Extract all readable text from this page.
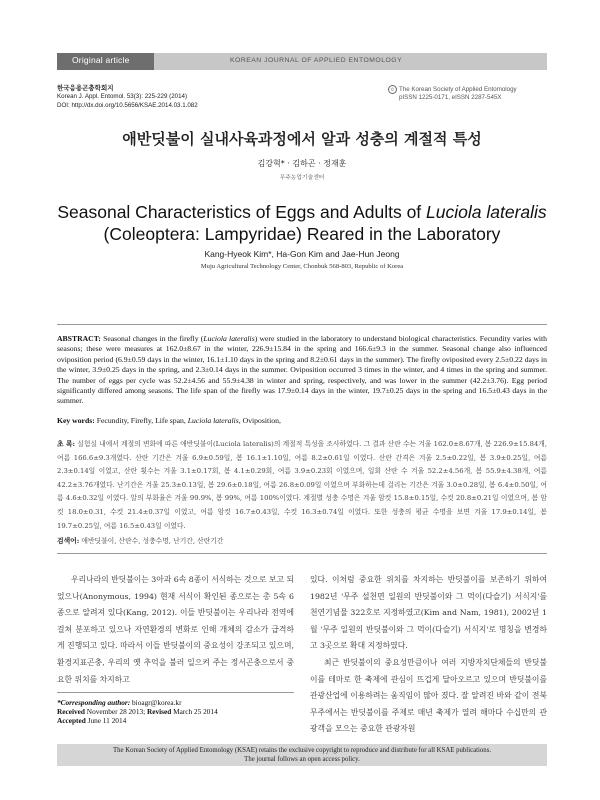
Original article	KOREAN JOURNAL OF APPLIED ENTOMOLOGY
한국응용곤충학회지
Korean J. Appl. Entomol. 53(3): 225-229 (2014)
DOI: http://dx.doi.org/10.5656/KSAE.2014.03.1.082
© The Korean Society of Applied Entomology
pISSN 1225-0171, eISSN 2287-545X
애반딧불이 실내사육과정에서 알과 성충의 계절적 특성
김강혁* · 김하곤 · 정재훈
무주농업기술센터
Seasonal Characteristics of Eggs and Adults of Luciola lateralis
(Coleoptera: Lampyridae) Reared in the Laboratory
Kang-Hyeok Kim*, Ha-Gon Kim and Jae-Hun Jeong
Muju Agricultural Technology Center, Chonbuk 568-803, Republic of Korea
ABSTRACT: Seasonal changes in the firefly (Luciola lateralis) were studied in the laboratory to understand biological characteristics. Fecundity varies with seasons; these were measures at 162.0±8.67 in the winter, 226.9±15.84 in the spring and 166.6±9.3 in the summer. Seasonal change also influenced oviposition period (6.9±0.59 days in the winter, 16.1±1.10 days in the spring and 8.2±0.61 days in the summer). The firefly oviposited every 2.5±0.22 days in the winter, 3.9±0.25 days in the spring, and 2.3±0.14 days in the summer. Oviposition occurred 3 times in the winter, and 4 times in the spring and summer. The number of eggs per cycle was 52.2±4.56 and 55.9±4.38 in winter and spring, respectively, and was lower in the summer (42.2±3.76). Egg period significantly differed among seasons. The life span of the firefly was 17.9±0.14 days in the winter, 19.7±0.25 days in the spring and 16.5±0.43 days in the summer.
Key words: Fecundity, Firefly, Life span, Luciola lateralis, Oviposition,
초 록: 실험실 내에서 계절의 변화에 따른 애반딧불이(Luciola lateralis)의 계절적 특성을 조사하였다. 그 결과 산란 수는 겨울 162.0±8.67개, 봄 226.9±15.84개, 여름 166.6±9.3개였다. 산란 기간은 겨울 6.9±0.59일, 봄 16.1±1.10일, 여름 8.2±0.61일 이였다. 산란 간격은 겨울 2.5±0.22일, 봄 3.9±0.25일, 여름 2.3±0.14일 이였고, 산란 횟수는 겨울 3.1±0.17회, 봄 4.1±0.29회, 여름 3.9±0.23회 이였으며, 일회 산란 수 겨울 52.2±4.56개, 봄 55.9±4.38개, 여름 42.2±3.76개였다. 난기간은 겨울 25.3±0.13일, 봄 29.6±0.18일, 여름 26.8±0.09일 이였으며 부화하는데 걸리는 기간은 겨울 3.0±0.28일, 봄 6.4±0.50일, 여름 4.6±0.32일 이였다. 알의 부화율은 겨울 99.9%, 봄 99%, 여름 100%이였다. 계절별 성충 수명은 겨울 암컷 15.8±0.15일, 수컷 20.8±0.21일 이였으며, 봄 암컷 18.0±0.31, 수컷 21.4±0.37일 이였고, 여름 암컷 16.7±0.43일, 수컷 16.3±0.74일 이였다. 또한 성충의 평균 수명을 보면 겨울 17.9±0.14일, 봄 19.7±0.25일, 여름 16.5±0.43일 이였다.
검색어: 애반딧불이, 산란수, 성충수명, 난기간, 산란기간

우리나라의 반딧불이는 3아과 6속 8종이 서식하는 것으로 보고 되었으나(Anonymous, 1994) 현재 서식이 확인된 종으로는 총 5속 6종으로 알려져 있다(Kang, 2012). 이들 반딧불이는 우리나라 전역에 걸쳐 분포하고 있으나 자연환경의 변화로 인해 개체의 감소가 급격하게 진행되고 있다. 따라서 이들 반딧불이의 중요성이 강조되고 있으며, 환경지표곤충, 우리의 옛 추억을 불러 일으켜 주는 정서곤충으로서 중요한 위치를 차지하고

있다. 이처럼 중요한 위치를 차지하는 반딧불이를 보존하기 위하여 1982년 '무주 설천면 일원의 반딧불이와 그 먹이(다슬기) 서식지'를 천연기념물 322호로 지정하였고(Kim and Nam, 1981), 2002년 1월 '무주 일원의 반딧불이와 그 먹이(다슬기) 서식지'로 명칭을 변경하고 3곳으로 확대 지정하였다.

최근 반딧불이의 중요성만큼이나 여러 지방자치단체들의 반딧불이를 테마로 한 축제에 관심이 뜨겁게 달아오르고 있으며 반딧불이를 관광산업에 이용하려는 움직임이 많아 졌다. 잘 알려진 바와 같이 전북 무주에서는 반딧불이를 주제로 매년 축제가 열려 해마다 수십만의 관광객을 모으는 중요한 관광자원

*Corresponding author: bioagr@korea.kr
Received November 28 2013; Revised March 25 2014
Accepted June 11 2014
The Korean Society of Applied Entomology (KSAE) retains the exclusive copyright to reproduce and distribute for all KSAE publications.
The journal follows an open access policy.
